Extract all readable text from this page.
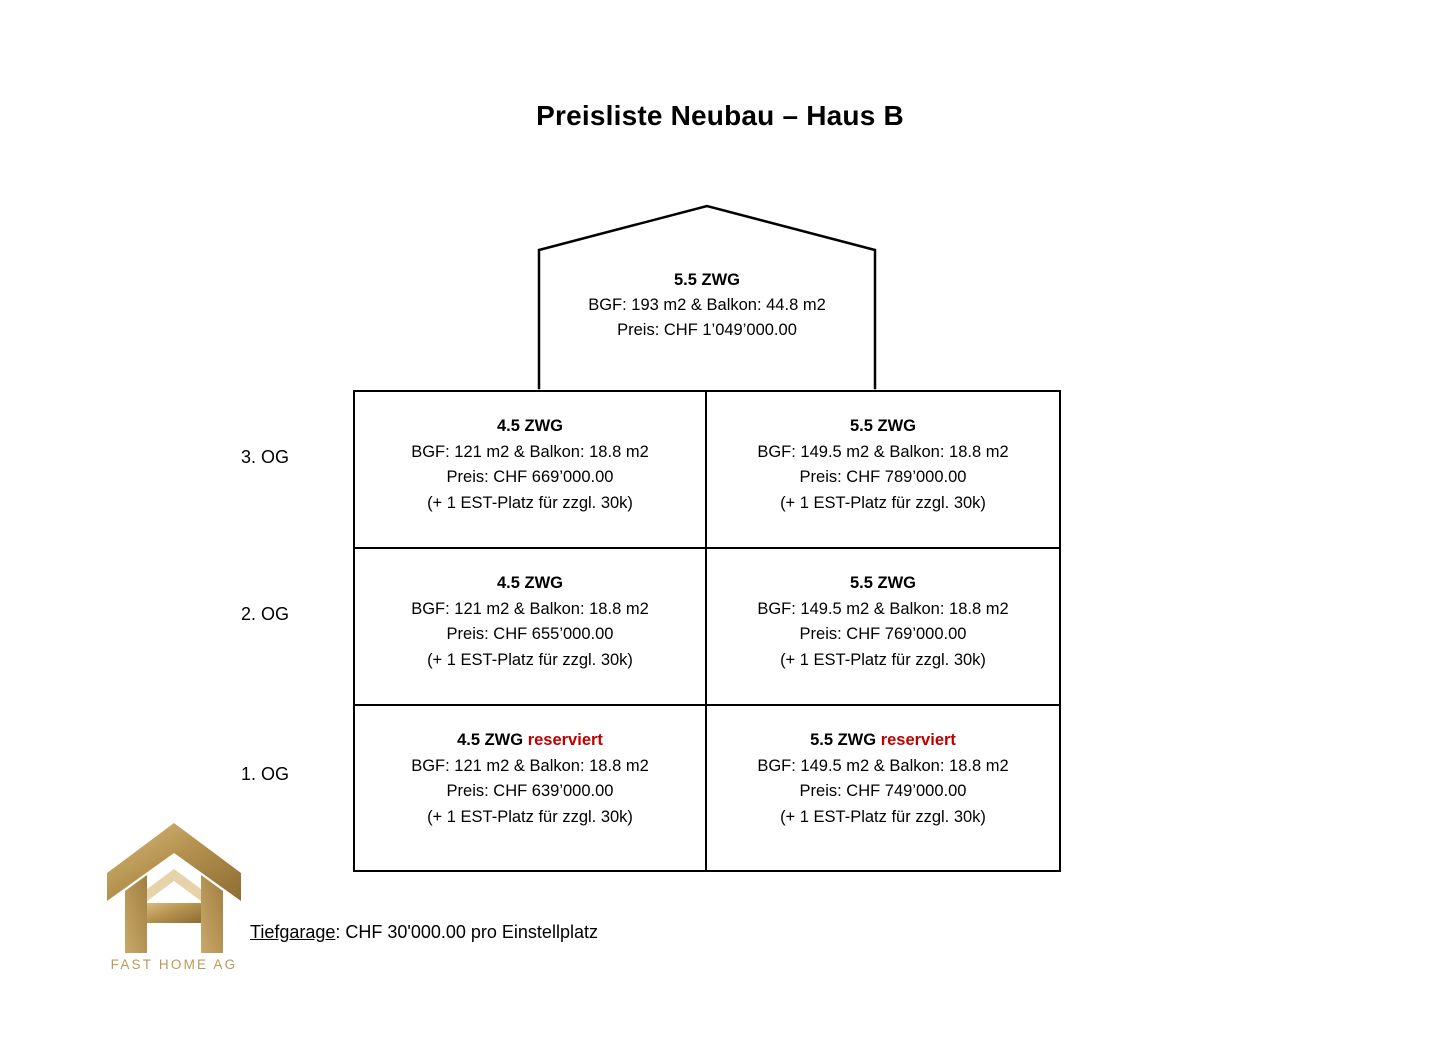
Preisliste Neubau – Haus B
5.5 ZWG
BGF: 193 m2 & Balkon: 44.8 m2
Preis: CHF 1’049’000.00
3. OG
2. OG
1. OG
4.5 ZWG
BGF: 121 m2 & Balkon: 18.8 m2
Preis: CHF 669’000.00
(+ 1 EST-Platz für zzgl. 30k)
5.5 ZWG
BGF: 149.5 m2 & Balkon: 18.8 m2
Preis: CHF 789’000.00
(+ 1 EST-Platz für zzgl. 30k)
4.5 ZWG
BGF: 121 m2 & Balkon: 18.8 m2
Preis: CHF 655’000.00
(+ 1 EST-Platz für zzgl. 30k)
5.5 ZWG
BGF: 149.5 m2 & Balkon: 18.8 m2
Preis: CHF 769’000.00
(+ 1 EST-Platz für zzgl. 30k)
4.5 ZWG reserviert
BGF: 121 m2 & Balkon: 18.8 m2
Preis: CHF 639’000.00
(+ 1 EST-Platz für zzgl. 30k)
5.5 ZWG reserviert
BGF: 149.5 m2 & Balkon: 18.8 m2
Preis: CHF 749’000.00
(+ 1 EST-Platz für zzgl. 30k)
Tiefgarage: CHF 30'000.00 pro Einstellplatz
FAST HOME AG
